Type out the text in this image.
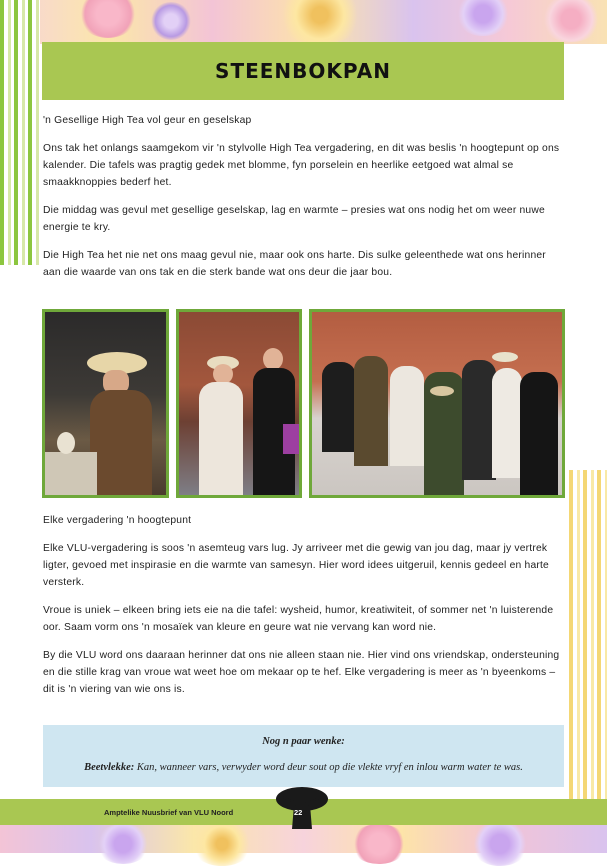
STEENBOKPAN

'n Gesellige High Tea vol geur en geselskap

Ons tak het onlangs saamgekom vir 'n stylvolle High Tea vergadering, en dit was beslis 'n hoogtepunt op ons kalender. Die tafels was pragtig gedek met blomme, fyn porselein en heerlike eetgoed wat almal se smaakknoppies bederf het.

Die middag was gevul met gesellige geselskap, lag en warmte – presies wat ons nodig het om weer nuwe energie te kry.

Die High Tea het nie net ons maag gevul nie, maar ook ons harte. Dis sulke geleenthede wat ons herinner aan die waarde van ons tak en die sterk bande wat ons deur die jaar bou.

Elke vergadering 'n hoogtepunt

Elke VLU-vergadering is soos 'n asemteug vars lug. Jy arriveer met die gewig van jou dag, maar jy vertrek ligter, gevoed met inspirasie en die warmte van samesyn. Hier word idees uitgeruil, kennis gedeel en harte versterk.

Vroue is uniek – elkeen bring iets eie na die tafel: wysheid, humor, kreatiwiteit, of sommer net 'n luisterende oor. Saam vorm ons 'n mosaïek van kleure en geure wat nie vervang kan word nie.

By die VLU word ons daaraan herinner dat ons nie alleen staan nie. Hier vind ons vriendskap, ondersteuning en die stille krag van vroue wat weet hoe om mekaar op te hef. Elke vergadering is meer as 'n byeenkoms – dit is 'n viering van wie ons is.

Nog n paar wenke:
Beetvlekke: Kan, wanneer vars, verwyder word deur sout op die vlekte vryf en inlou warm water te was.
Amptelike Nuusbrief van VLU Noord	22
